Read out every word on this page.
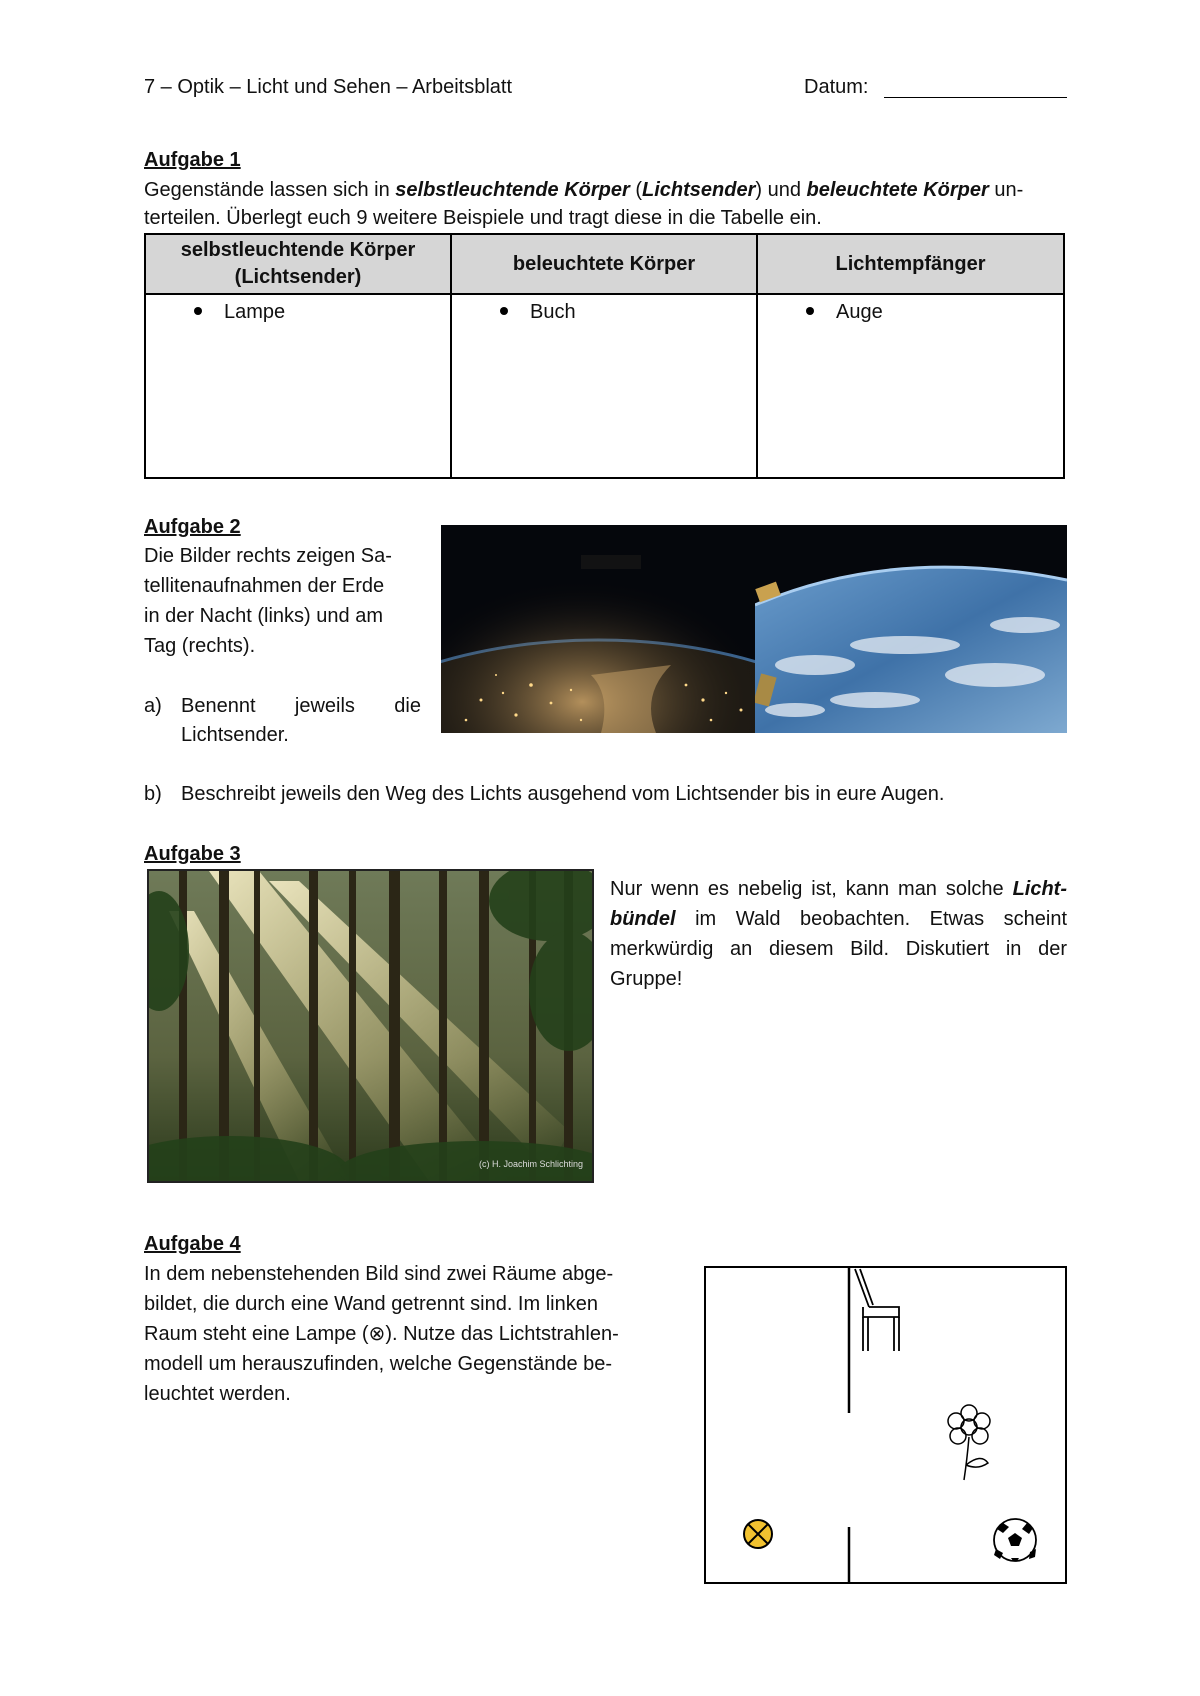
7 – Optik – Licht und Sehen – Arbeitsblatt	Datum:
Aufgabe 1
Gegenstände lassen sich in selbstleuchtende Körper (Lichtsender) und beleuchtete Körper un-
terteilen. Überlegt euch 9 weitere Beispiele und tragt diese in die Tabelle ein.
selbstleuchtende Körper
(Lichtsender)	beleuchtete Körper	Lichtempfänger
Lampe	Buch	Auge
Aufgabe 2
Die Bilder rechts zeigen Sa-
tellitenaufnahmen der Erde
in der Nacht (links) und am
Tag (rechts).
a) Benennt jeweils die
Lichtsender.
b) Beschreibt jeweils den Weg des Lichts ausgehend vom Lichtsender bis in eure Augen.
Aufgabe 3
(c) H. Joachim Schlichting
Nur wenn es nebelig ist, kann man solche Licht- bündel im Wald beobachten. Etwas scheint merkwürdig an diesem Bild. Diskutiert in der Gruppe!
Aufgabe 4
In dem nebenstehenden Bild sind zwei Räume abge-
bildet, die durch eine Wand getrennt sind. Im linken
Raum steht eine Lampe (⊗). Nutze das Lichtstrahlen-
modell um herauszufinden, welche Gegenstände be-
leuchtet werden.
